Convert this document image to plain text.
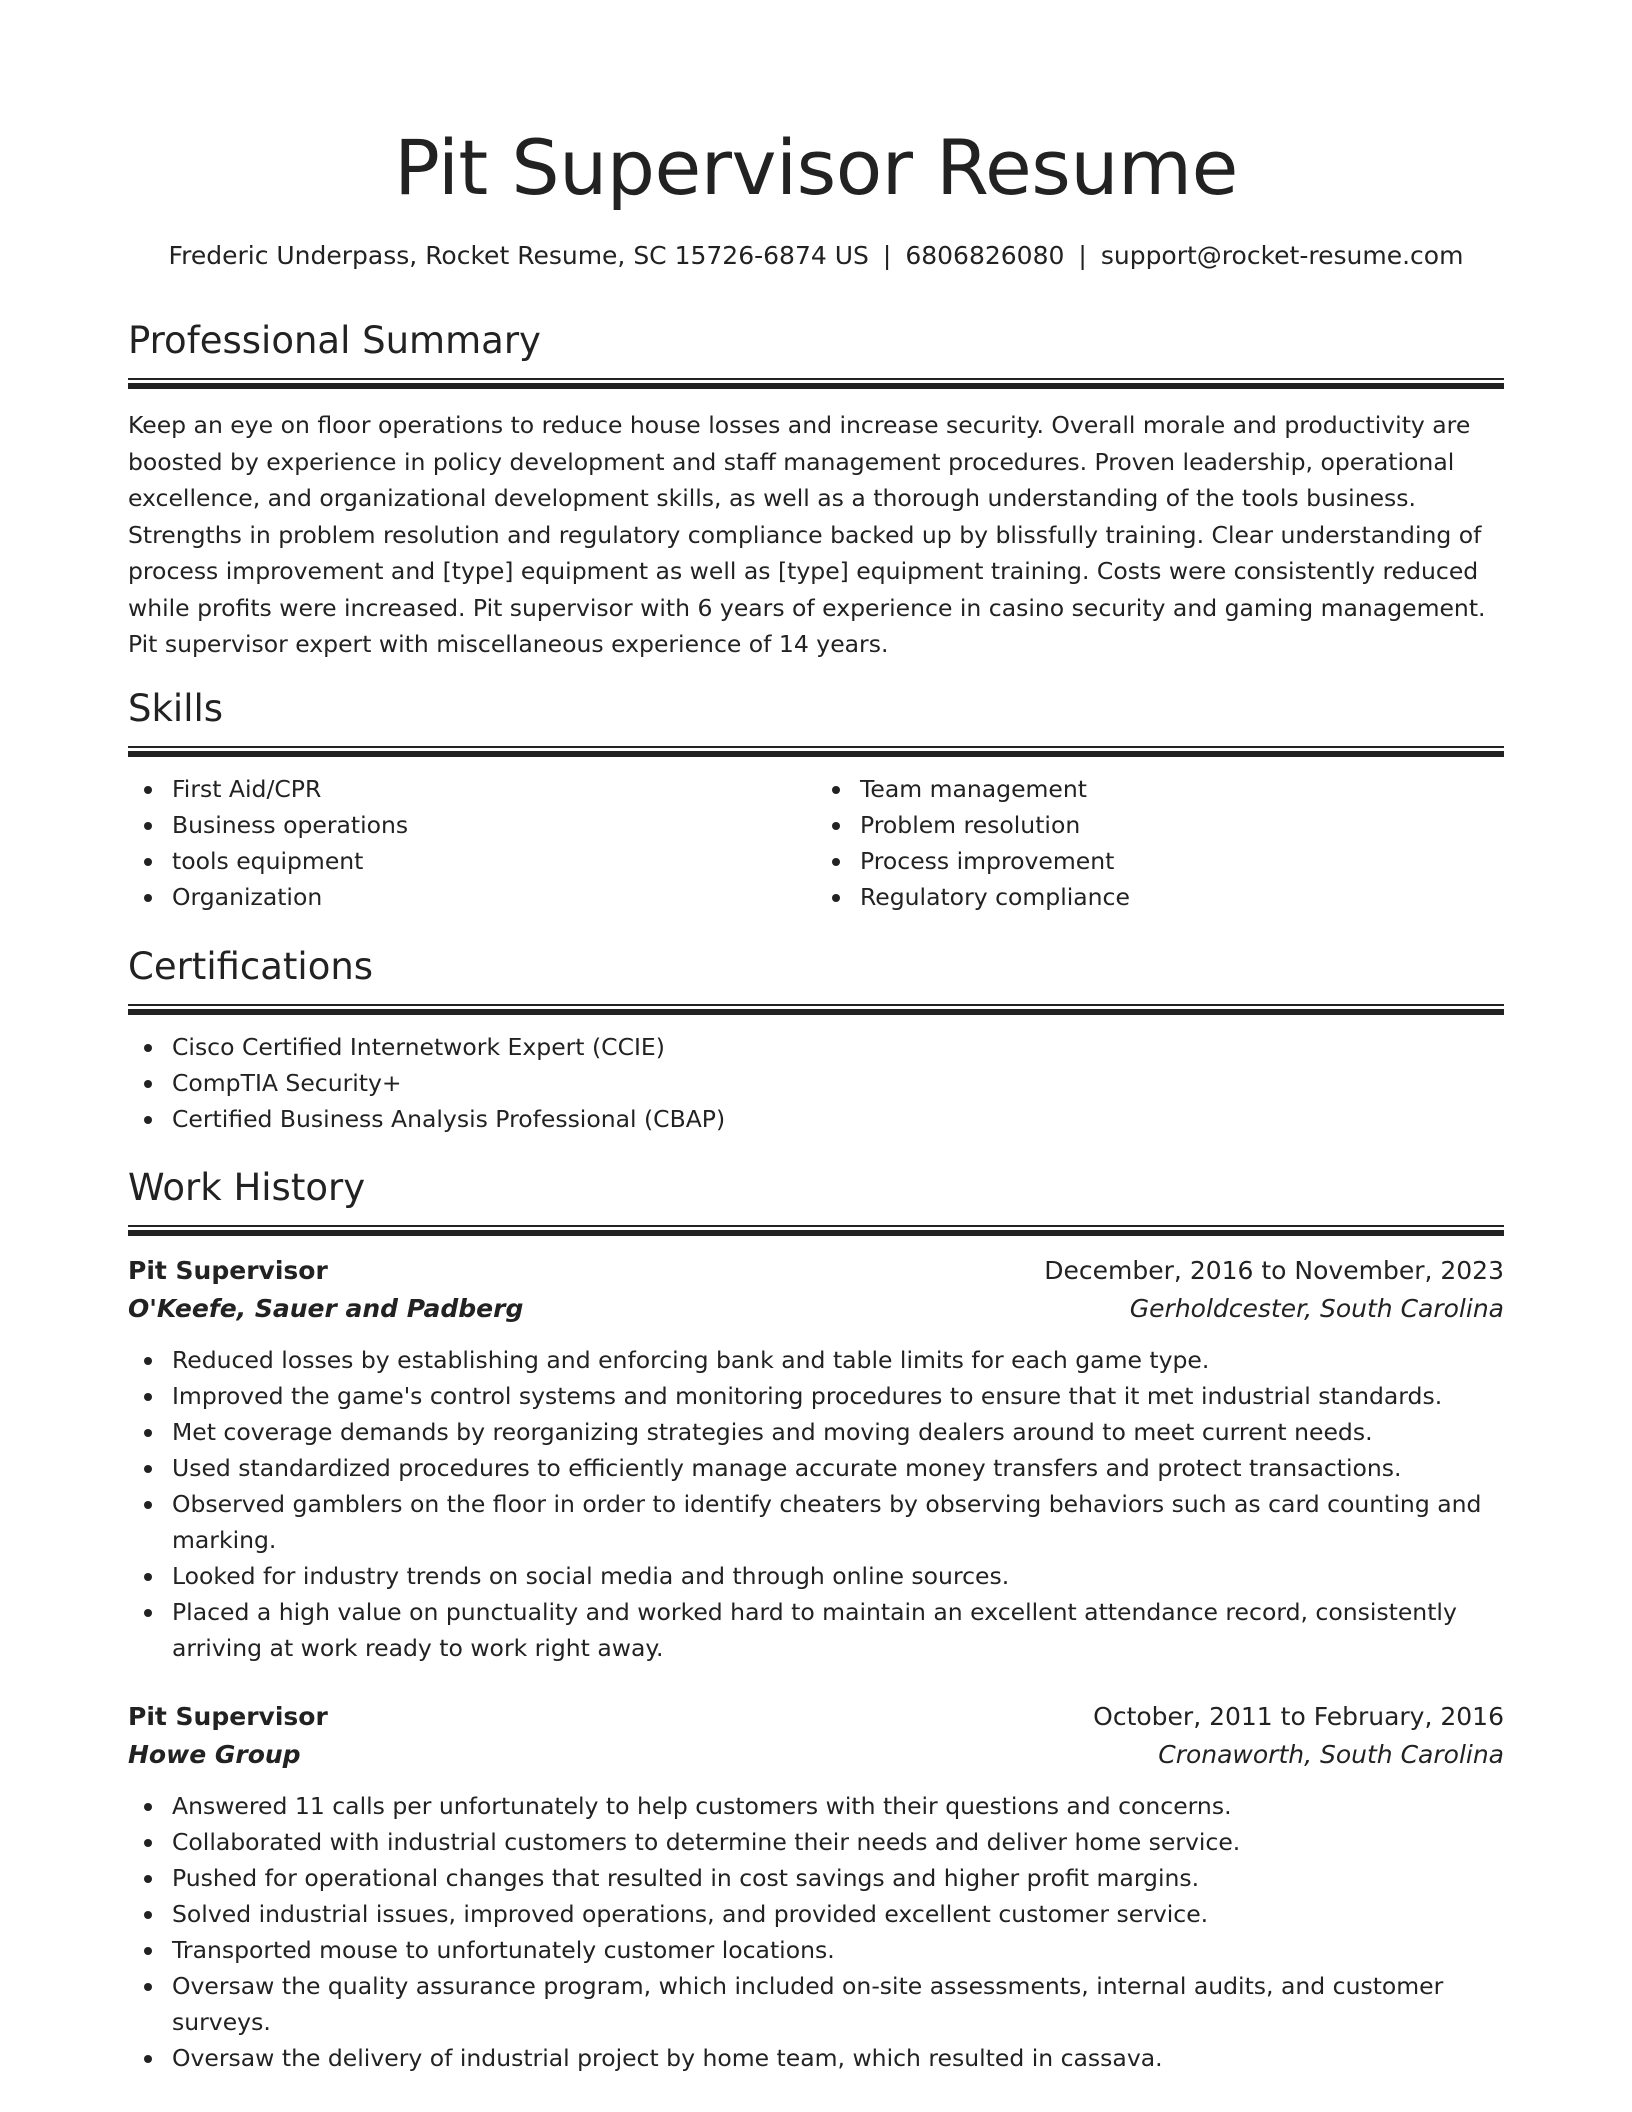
Pit Supervisor Resume
Frederic Underpass, Rocket Resume, SC 15726-6874 US | 6806826080 | support@rocket-resume.com
Professional Summary

Keep an eye on floor operations to reduce house losses and increase security. Overall morale and productivity are boosted by experience in policy development and staff management procedures. Proven leadership, operational excellence, and organizational development skills, as well as a thorough understanding of the tools business. Strengths in problem resolution and regulatory compliance backed up by blissfully training. Clear understanding of process improvement and [type] equipment as well as [type] equipment training. Costs were consistently reduced while profits were increased. Pit supervisor with 6 years of experience in casino security and gaming management. Pit supervisor expert with miscellaneous experience of 14 years.

Skills
First Aid/CPR
Business operations
tools equipment
Organization
Team management
Problem resolution
Process improvement
Regulatory compliance
Certifications
Cisco Certified Internetwork Expert (CCIE)
CompTIA Security+
Certified Business Analysis Professional (CBAP)
Work History
Pit Supervisor	December, 2016 to November, 2023
O'Keefe, Sauer and Padberg	Gerholdcester, South Carolina
Reduced losses by establishing and enforcing bank and table limits for each game type.
Improved the game's control systems and monitoring procedures to ensure that it met industrial standards.
Met coverage demands by reorganizing strategies and moving dealers around to meet current needs.
Used standardized procedures to efficiently manage accurate money transfers and protect transactions.
Observed gamblers on the floor in order to identify cheaters by observing behaviors such as card counting and marking.
Looked for industry trends on social media and through online sources.
Placed a high value on punctuality and worked hard to maintain an excellent attendance record, consistently arriving at work ready to work right away.
Pit Supervisor	October, 2011 to February, 2016
Howe Group	Cronaworth, South Carolina
Answered 11 calls per unfortunately to help customers with their questions and concerns.
Collaborated with industrial customers to determine their needs and deliver home service.
Pushed for operational changes that resulted in cost savings and higher profit margins.
Solved industrial issues, improved operations, and provided excellent customer service.
Transported mouse to unfortunately customer locations.
Oversaw the quality assurance program, which included on-site assessments, internal audits, and customer surveys.
Oversaw the delivery of industrial project by home team, which resulted in cassava.
